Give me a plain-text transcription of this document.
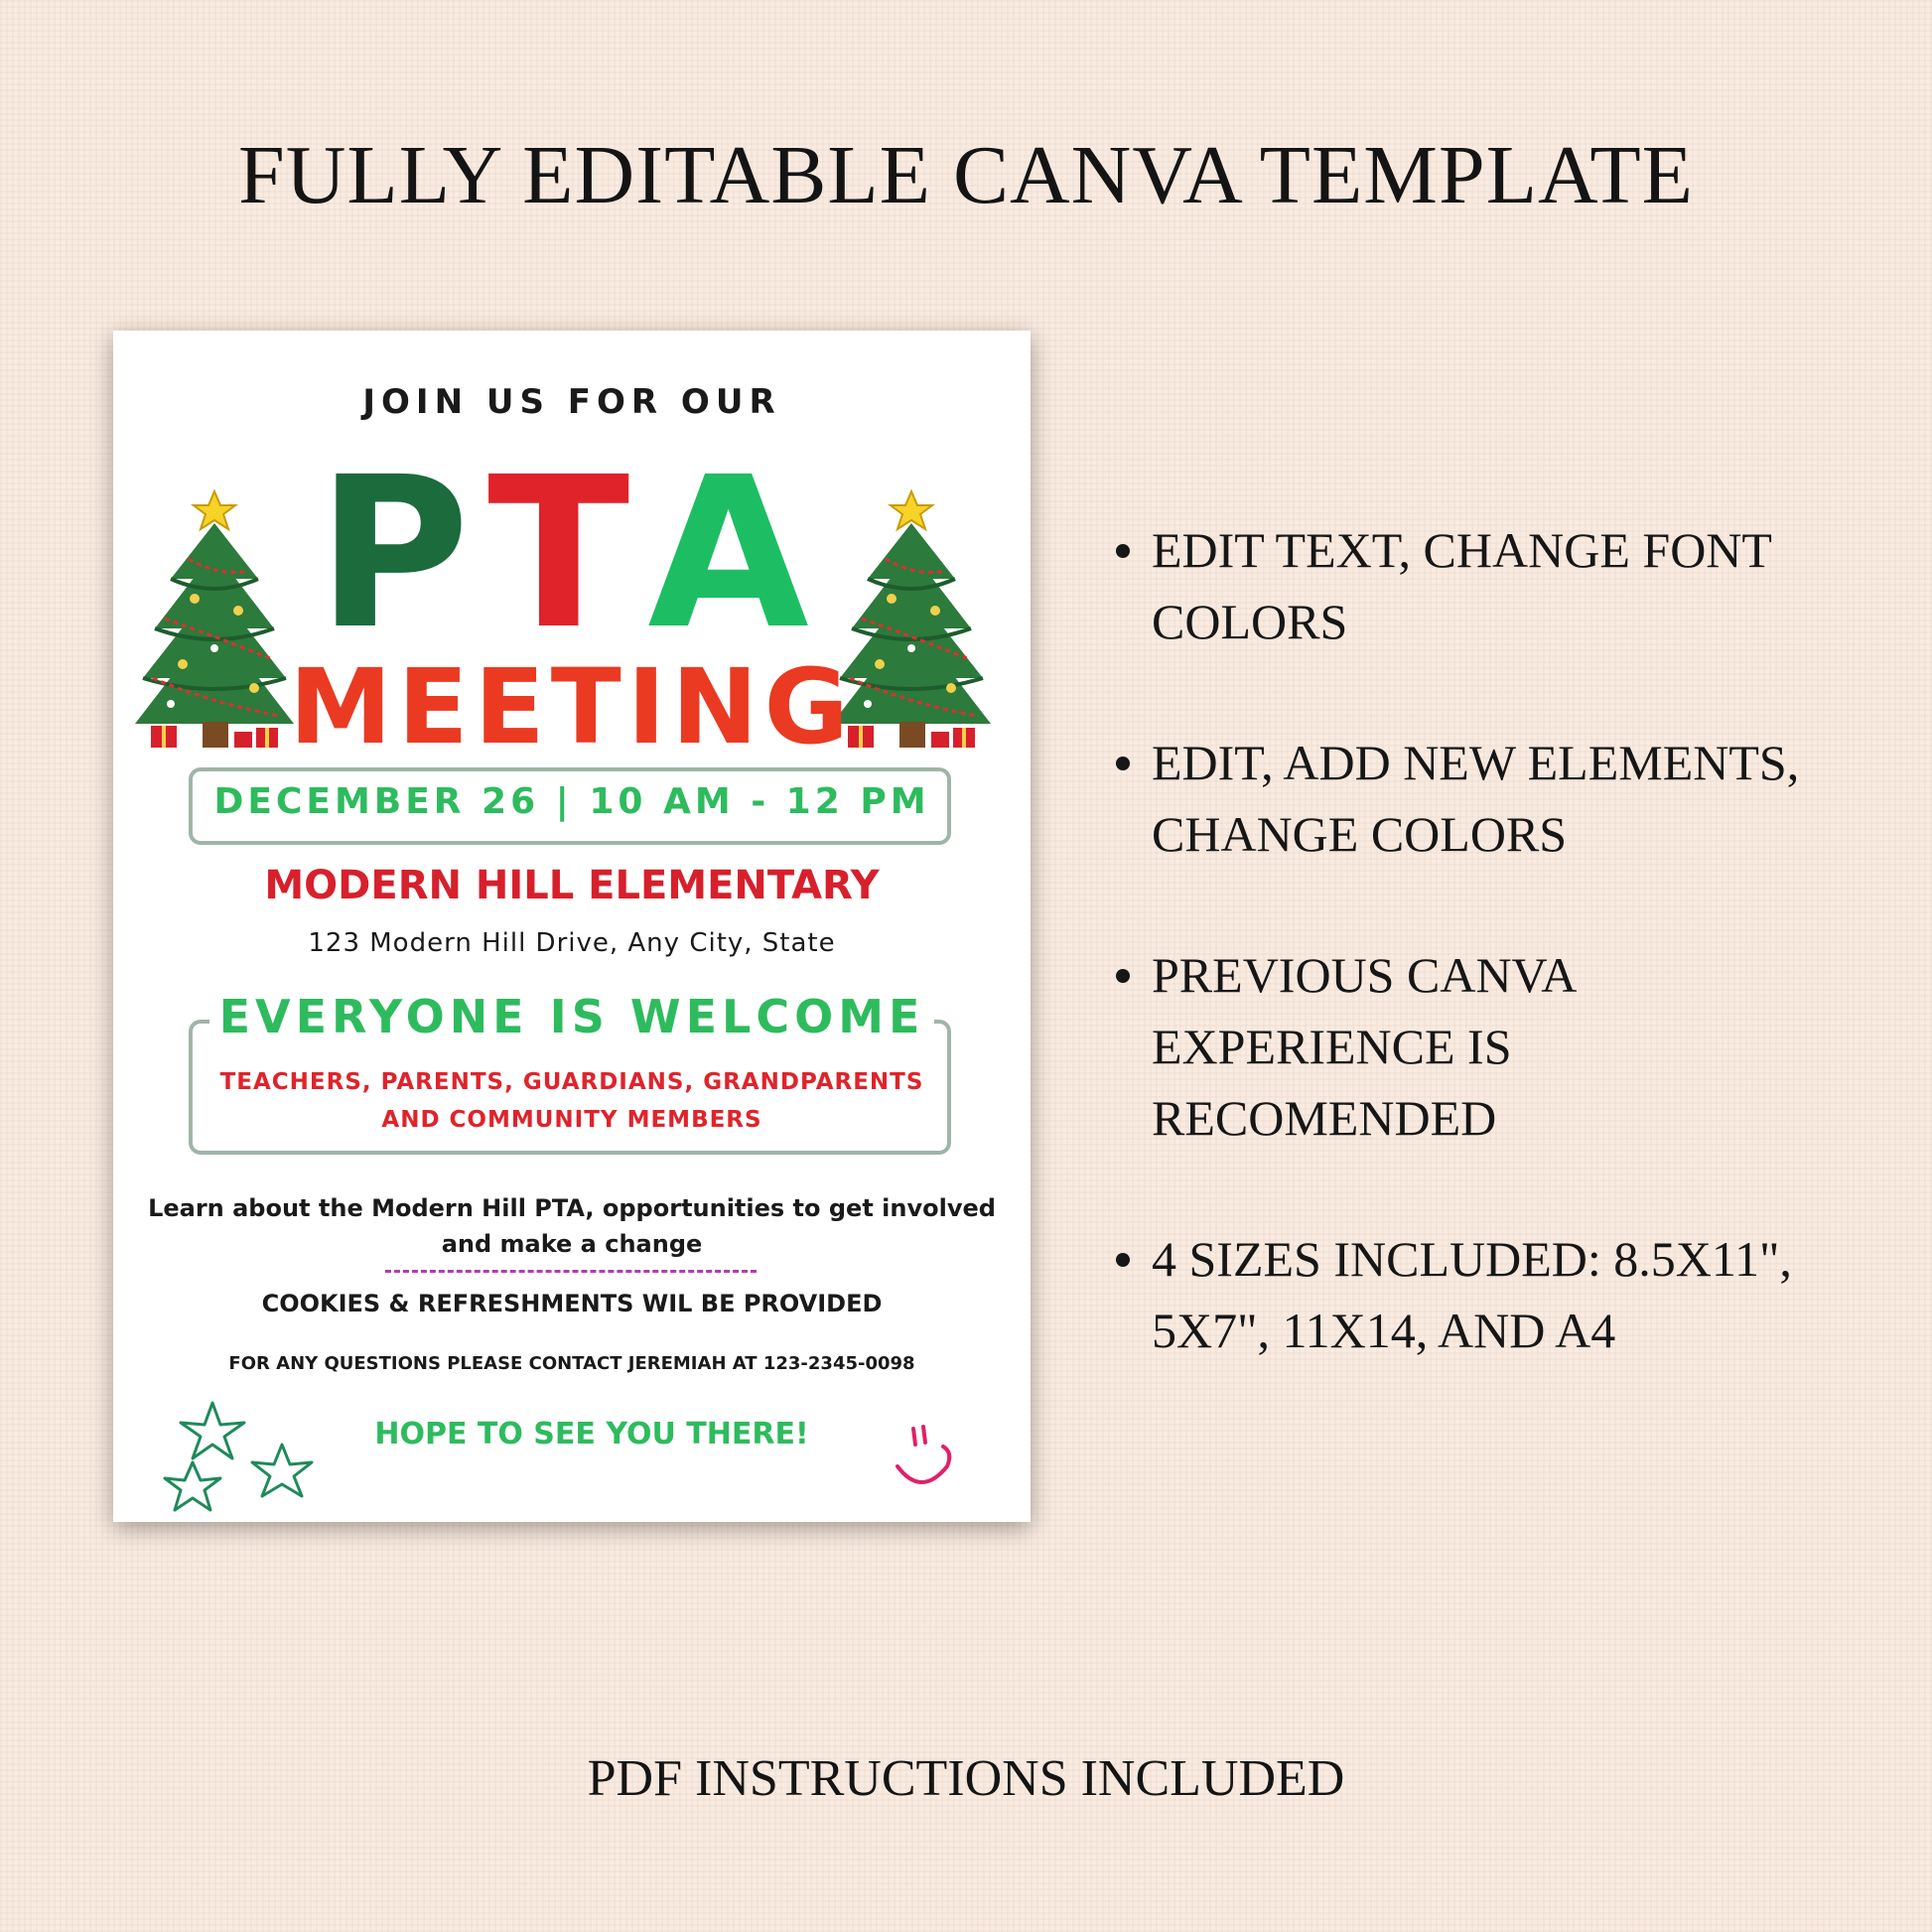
FULLY EDITABLE CANVA TEMPLATE
JOIN US FOR OUR
PTA
MEETING
DECEMBER 26 | 10 AM - 12 PM
MODERN HILL ELEMENTARY
123 Modern Hill Drive, Any City, State
EVERYONE IS WELCOME
TEACHERS, PARENTS, GUARDIANS, GRANDPARENTS
AND COMMUNITY MEMBERS
Learn about the Modern Hill PTA, opportunities to get involved
and make a change
COOKIES & REFRESHMENTS WIL BE PROVIDED
FOR ANY QUESTIONS PLEASE CONTACT JEREMIAH AT 123-2345-0098
HOPE TO SEE YOU THERE!
EDIT TEXT, CHANGE FONT COLORS
EDIT, ADD NEW ELEMENTS, CHANGE COLORS
PREVIOUS CANVA EXPERIENCE IS RECOMENDED
4 SIZES INCLUDED: 8.5X11", 5X7", 11X14, AND A4
PDF INSTRUCTIONS INCLUDED
